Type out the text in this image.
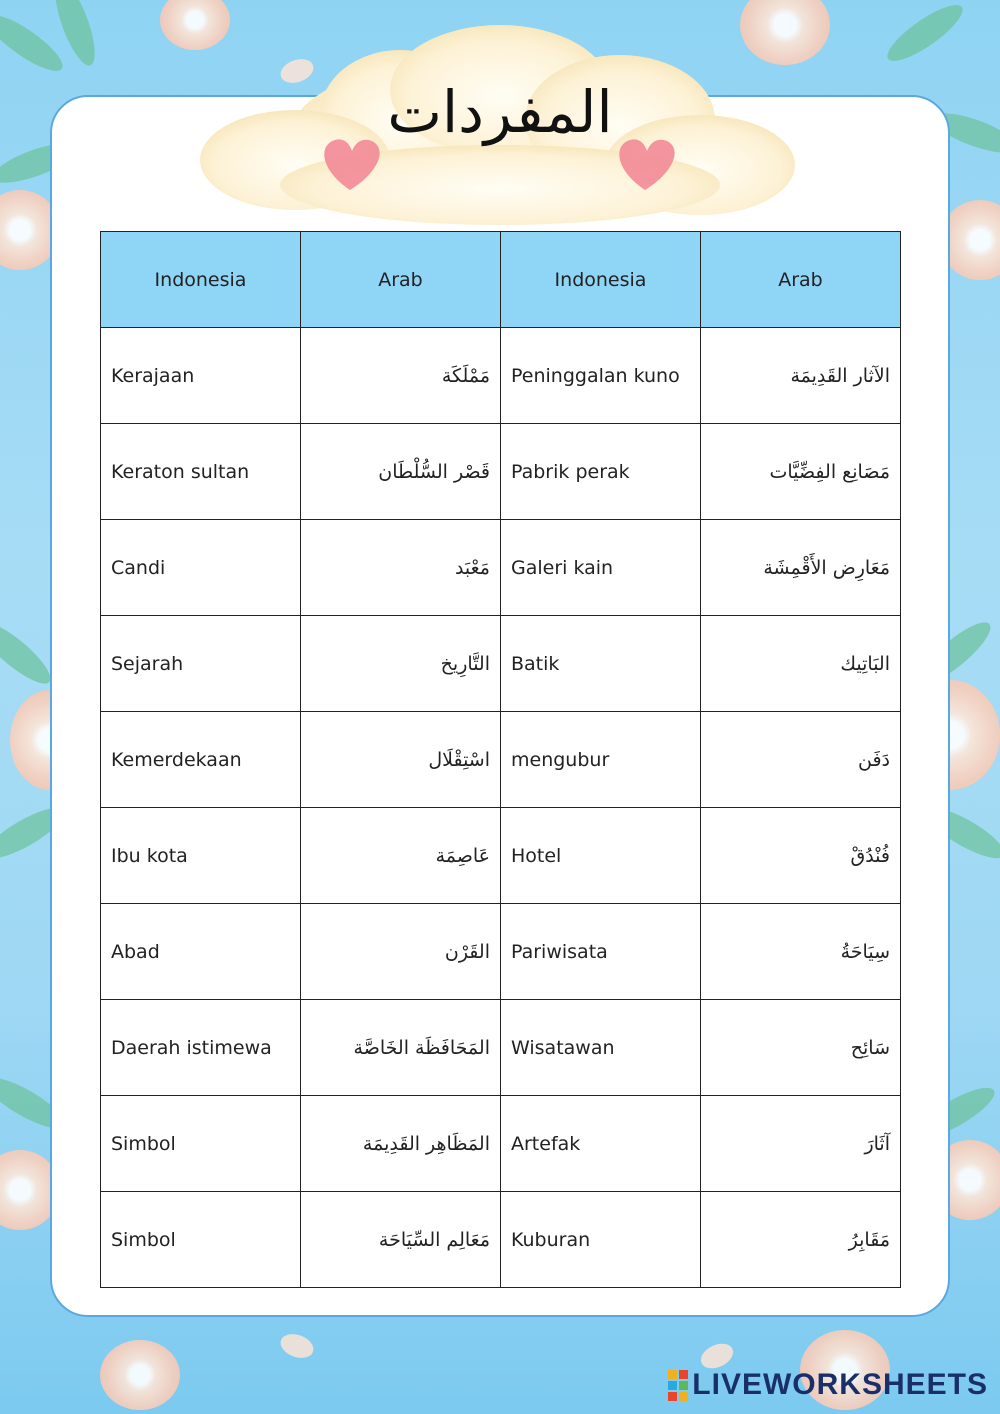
المفردات
Indonesia	Arab	Indonesia	Arab
Kerajaan	مَمْلَكَة	Peninggalan kuno	الآثار القَدِيمَة
Keraton sultan	قَصْر السُّلْطَان	Pabrik perak	مَصَانِع الفِضِّيَّات
Candi	مَعْبَد	Galeri kain	مَعَارِض الأَقْمِشَة
Sejarah	التَّارِيخ	Batik	البَاتِيك
Kemerdekaan	اسْتِقْلَال	mengubur	دَفَن
Ibu kota	عَاصِمَة	Hotel	فُنْدُقْ
Abad	القَرْن	Pariwisata	سِيَاحَةُ
Daerah istimewa	المَحَافَظَة الخَاصَّة	Wisatawan	سَائِح
Simbol	المَظَاهِر القَدِيمَة	Artefak	آثَارَ
Simbol	مَعَالِم السِّيَاحَة	Kuburan	مَقَابِرُ
LIVEWORKSHEETS
